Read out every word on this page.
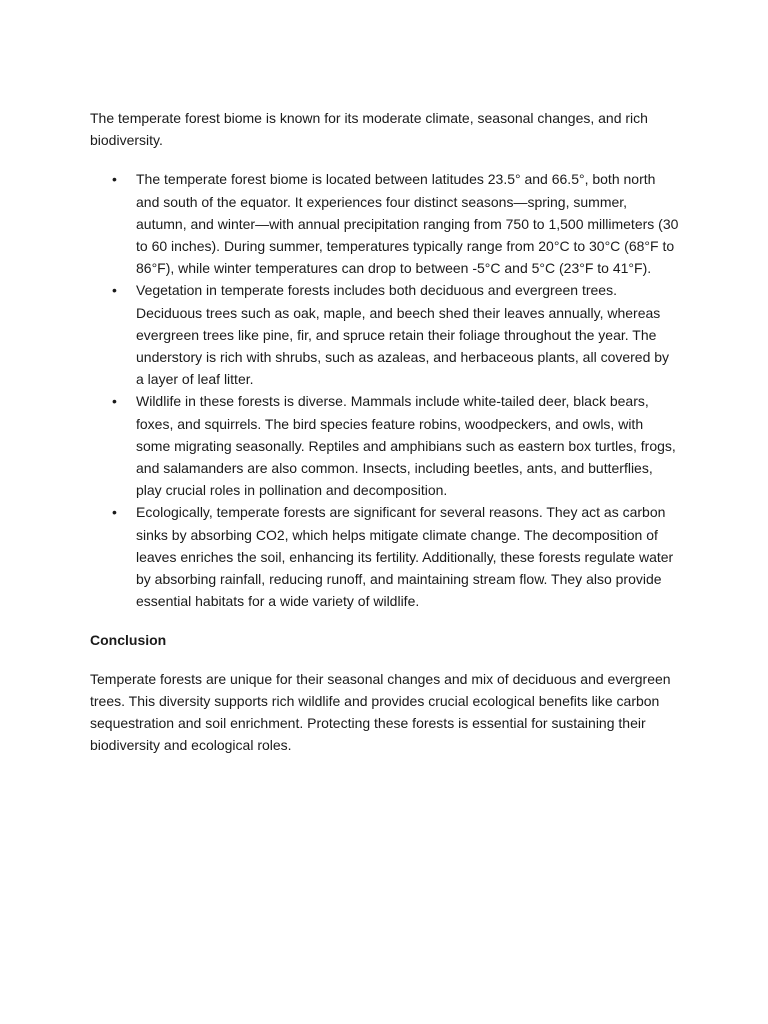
The temperate forest biome is known for its moderate climate, seasonal changes, and rich biodiversity.

• The temperate forest biome is located between latitudes 23.5° and 66.5°, both north and south of the equator. It experiences four distinct seasons—spring, summer, autumn, and winter—with annual precipitation ranging from 750 to 1,500 millimeters (30 to 60 inches). During summer, temperatures typically range from 20°C to 30°C (68°F to 86°F), while winter temperatures can drop to between -5°C and 5°C (23°F to 41°F).
• Vegetation in temperate forests includes both deciduous and evergreen trees. Deciduous trees such as oak, maple, and beech shed their leaves annually, whereas evergreen trees like pine, fir, and spruce retain their foliage throughout the year. The understory is rich with shrubs, such as azaleas, and herbaceous plants, all covered by a layer of leaf litter.
• Wildlife in these forests is diverse. Mammals include white-tailed deer, black bears, foxes, and squirrels. The bird species feature robins, woodpeckers, and owls, with some migrating seasonally. Reptiles and amphibians such as eastern box turtles, frogs, and salamanders are also common. Insects, including beetles, ants, and butterflies, play crucial roles in pollination and decomposition.
• Ecologically, temperate forests are significant for several reasons. They act as carbon sinks by absorbing CO2, which helps mitigate climate change. The decomposition of leaves enriches the soil, enhancing its fertility. Additionally, these forests regulate water by absorbing rainfall, reducing runoff, and maintaining stream flow. They also provide essential habitats for a wide variety of wildlife.

Conclusion

Temperate forests are unique for their seasonal changes and mix of deciduous and evergreen trees. This diversity supports rich wildlife and provides crucial ecological benefits like carbon sequestration and soil enrichment. Protecting these forests is essential for sustaining their biodiversity and ecological roles.
